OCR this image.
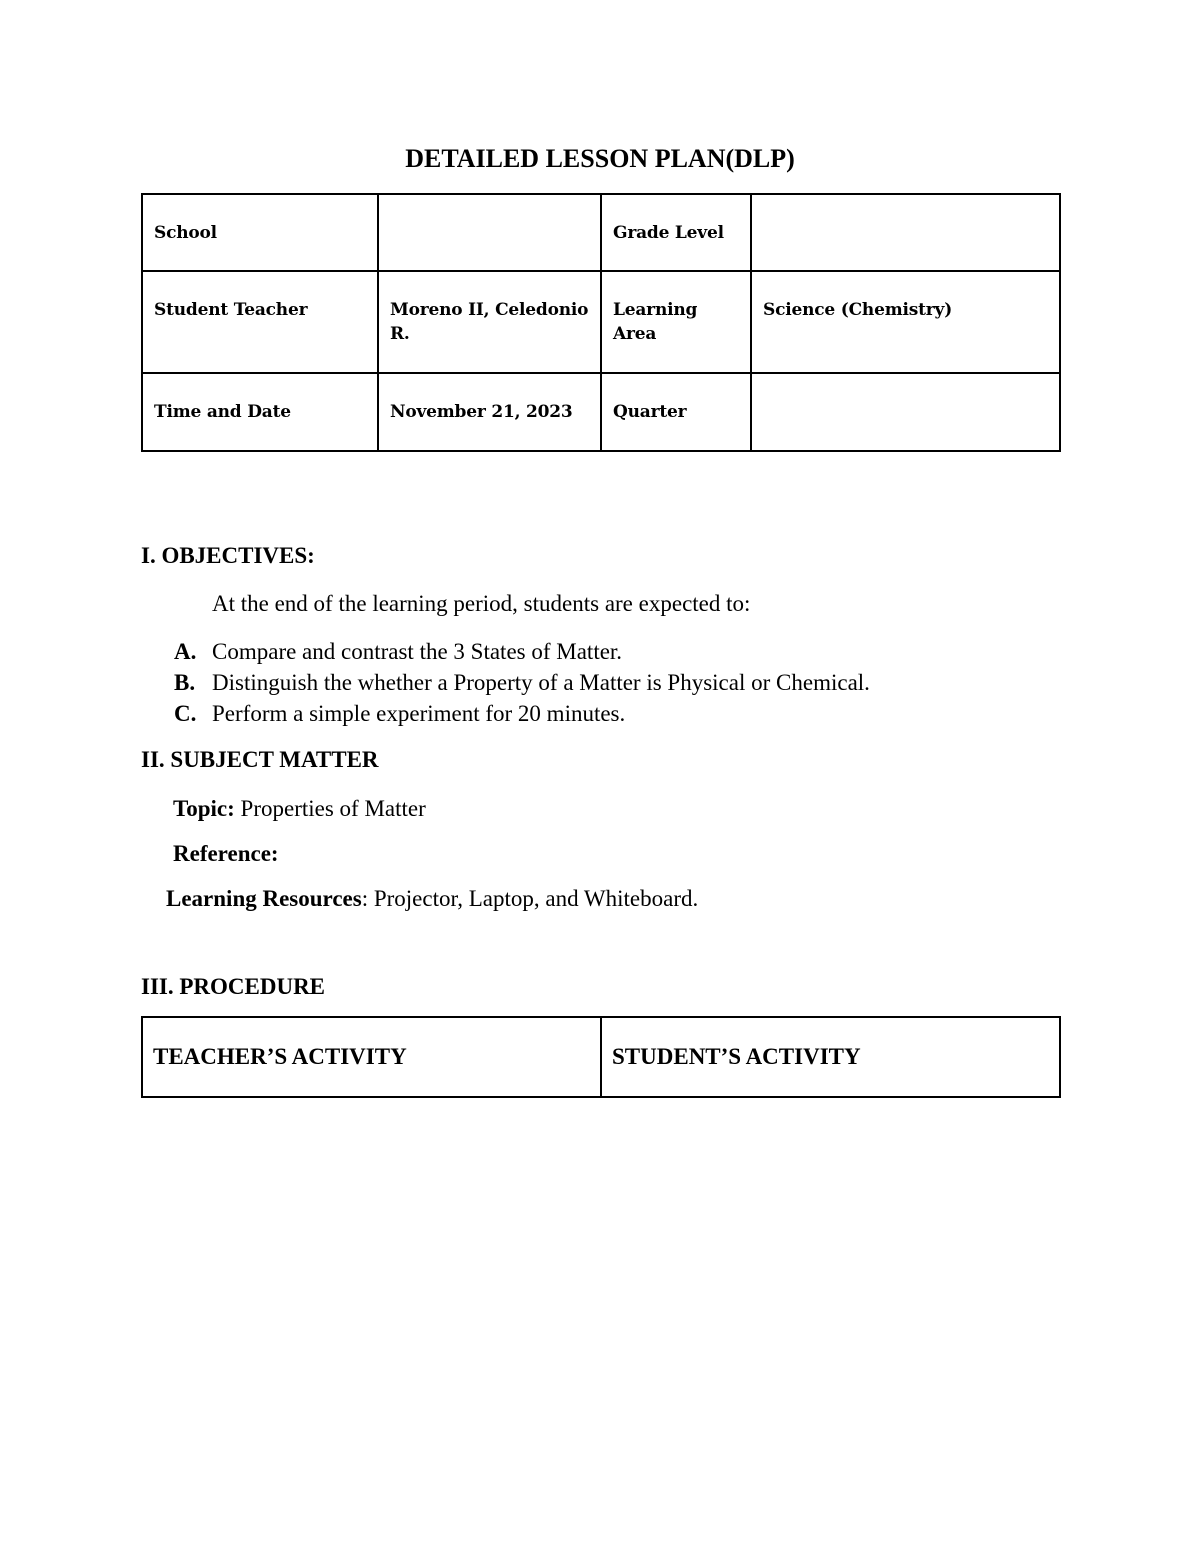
DETAILED LESSON PLAN(DLP)
School		Grade Level	
Student Teacher	Moreno II, Celedonio R.	Learning Area	Science (Chemistry)
Time and Date	November 21, 2023	Quarter	
I. OBJECTIVES:

At the end of the learning period, students are expected to:

A. Compare and contrast the 3 States of Matter.
B. Distinguish the whether a Property of a Matter is Physical or Chemical.
C. Perform a simple experiment for 20 minutes.
II. SUBJECT MATTER

Topic: Properties of Matter

Reference:

Learning Resources: Projector, Laptop, and Whiteboard.

III. PROCEDURE
TEACHER’S ACTIVITY	STUDENT’S ACTIVITY
